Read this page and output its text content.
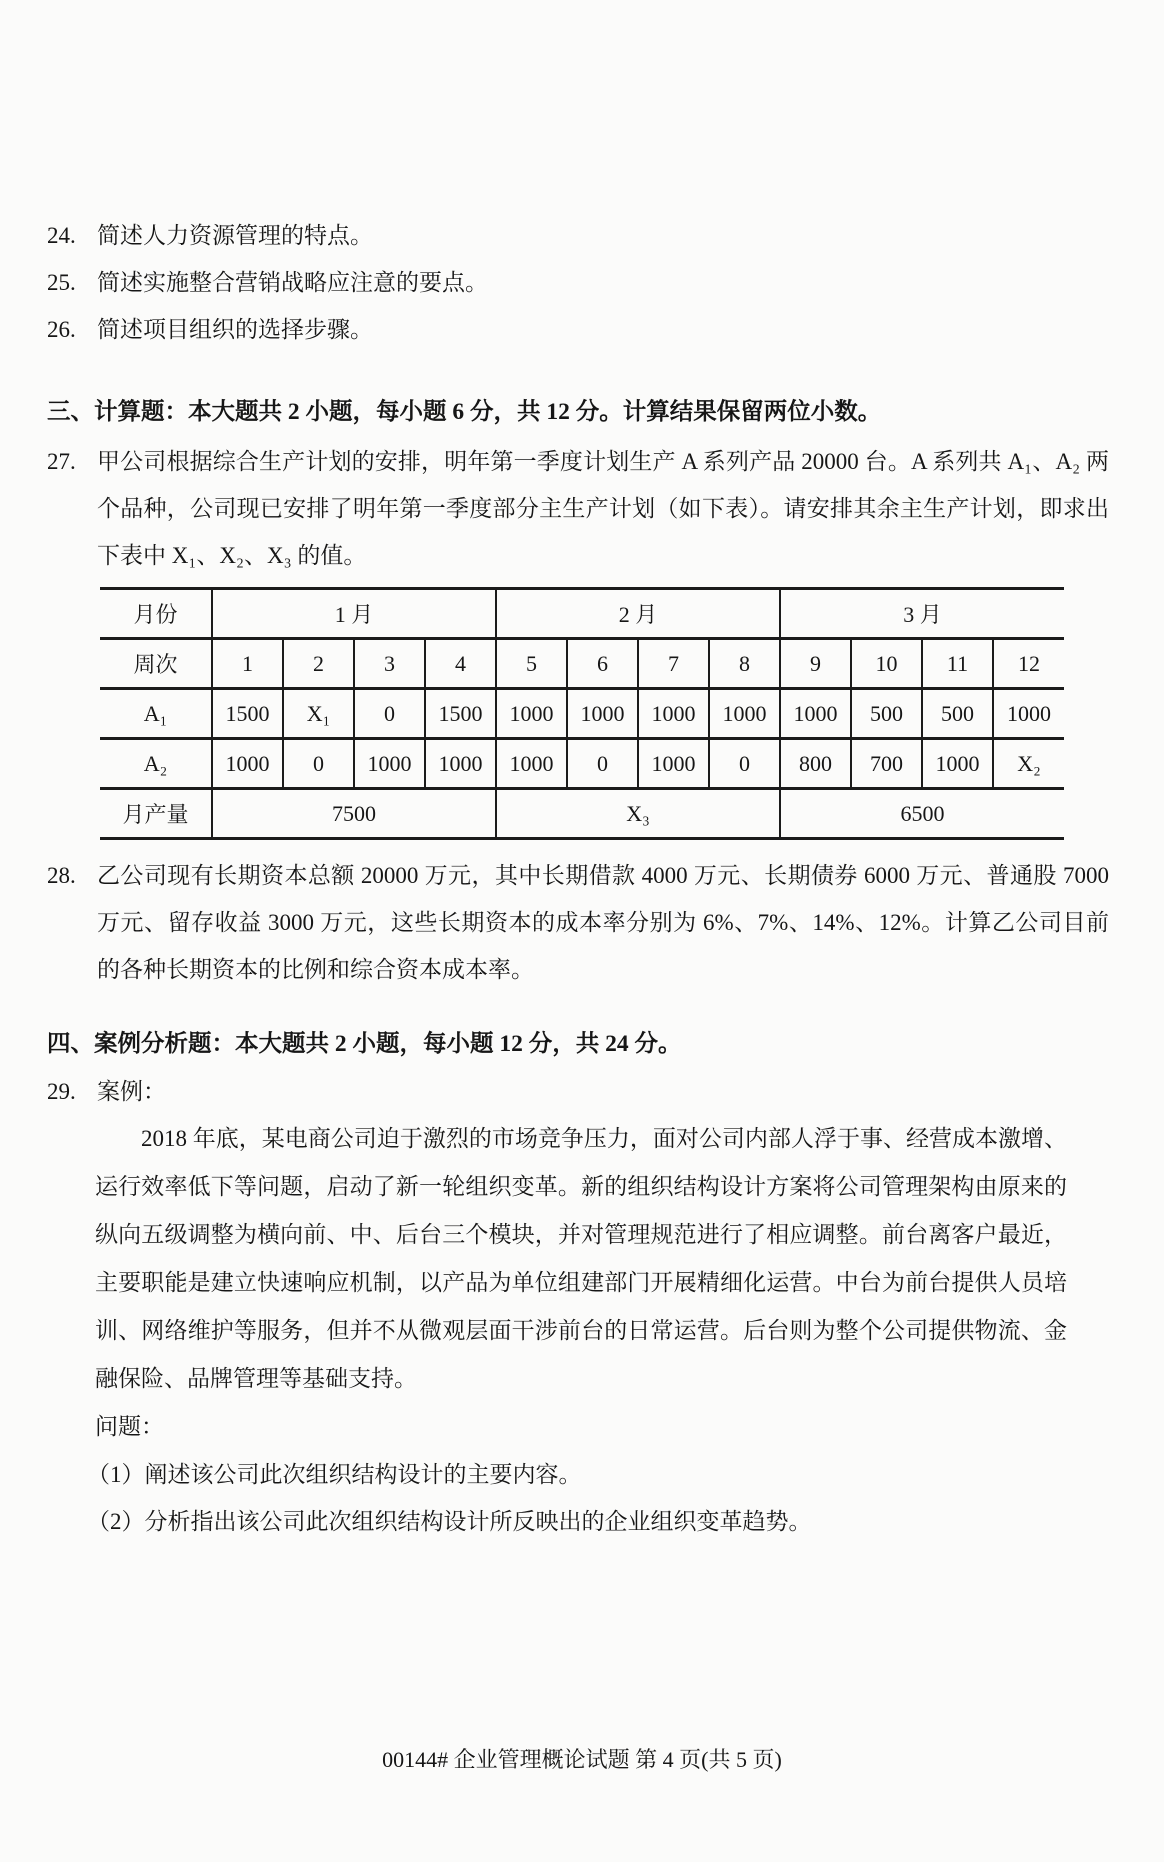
24. 简述人力资源管理的特点。
25. 简述实施整合营销战略应注意的要点。
26. 简述项目组织的选择步骤。
三、计算题：本大题共 2 小题，每小题 6 分，共 12 分。计算结果保留两位小数。
27. 甲公司根据综合生产计划的安排，明年第一季度计划生产 A 系列产品 20000 台。A 系列共 A₁、A₂ 两个品种，公司现已安排了明年第一季度部分主生产计划（如下表）。请安排其余主生产计划，即求出下表中 X₁、X₂、X₃ 的值。
月份	1 月				2 月				3 月			
周次	1	2	3	4	5	6	7	8	9	10	11	12
A₁	1500	X₁	0	1500	1000	1000	1000	1000	1000	500	500	1000
A₂	1000	0	1000	1000	1000	0	1000	0	800	700	1000	X₂
月产量	7500				X₃				6500			
28. 乙公司现有长期资本总额 20000 万元，其中长期借款 4000 万元、长期债券 6000 万元、普通股 7000 万元、留存收益 3000 万元，这些长期资本的成本率分别为 6%、7%、14%、12%。计算乙公司目前的各种长期资本的比例和综合资本成本率。
四、案例分析题：本大题共 2 小题，每小题 12 分，共 24 分。
29. 案例：
2018 年底，某电商公司迫于激烈的市场竞争压力，面对公司内部人浮于事、经营成本激增、运行效率低下等问题，启动了新一轮组织变革。新的组织结构设计方案将公司管理架构由原来的纵向五级调整为横向前、中、后台三个模块，并对管理规范进行了相应调整。前台离客户最近，主要职能是建立快速响应机制，以产品为单位组建部门开展精细化运营。中台为前台提供人员培训、网络维护等服务，但并不从微观层面干涉前台的日常运营。后台则为整个公司提供物流、金融保险、品牌管理等基础支持。
问题：
（1）阐述该公司此次组织结构设计的主要内容。
（2）分析指出该公司此次组织结构设计所反映出的企业组织变革趋势。
00144# 企业管理概论试题 第 4 页(共 5 页)
